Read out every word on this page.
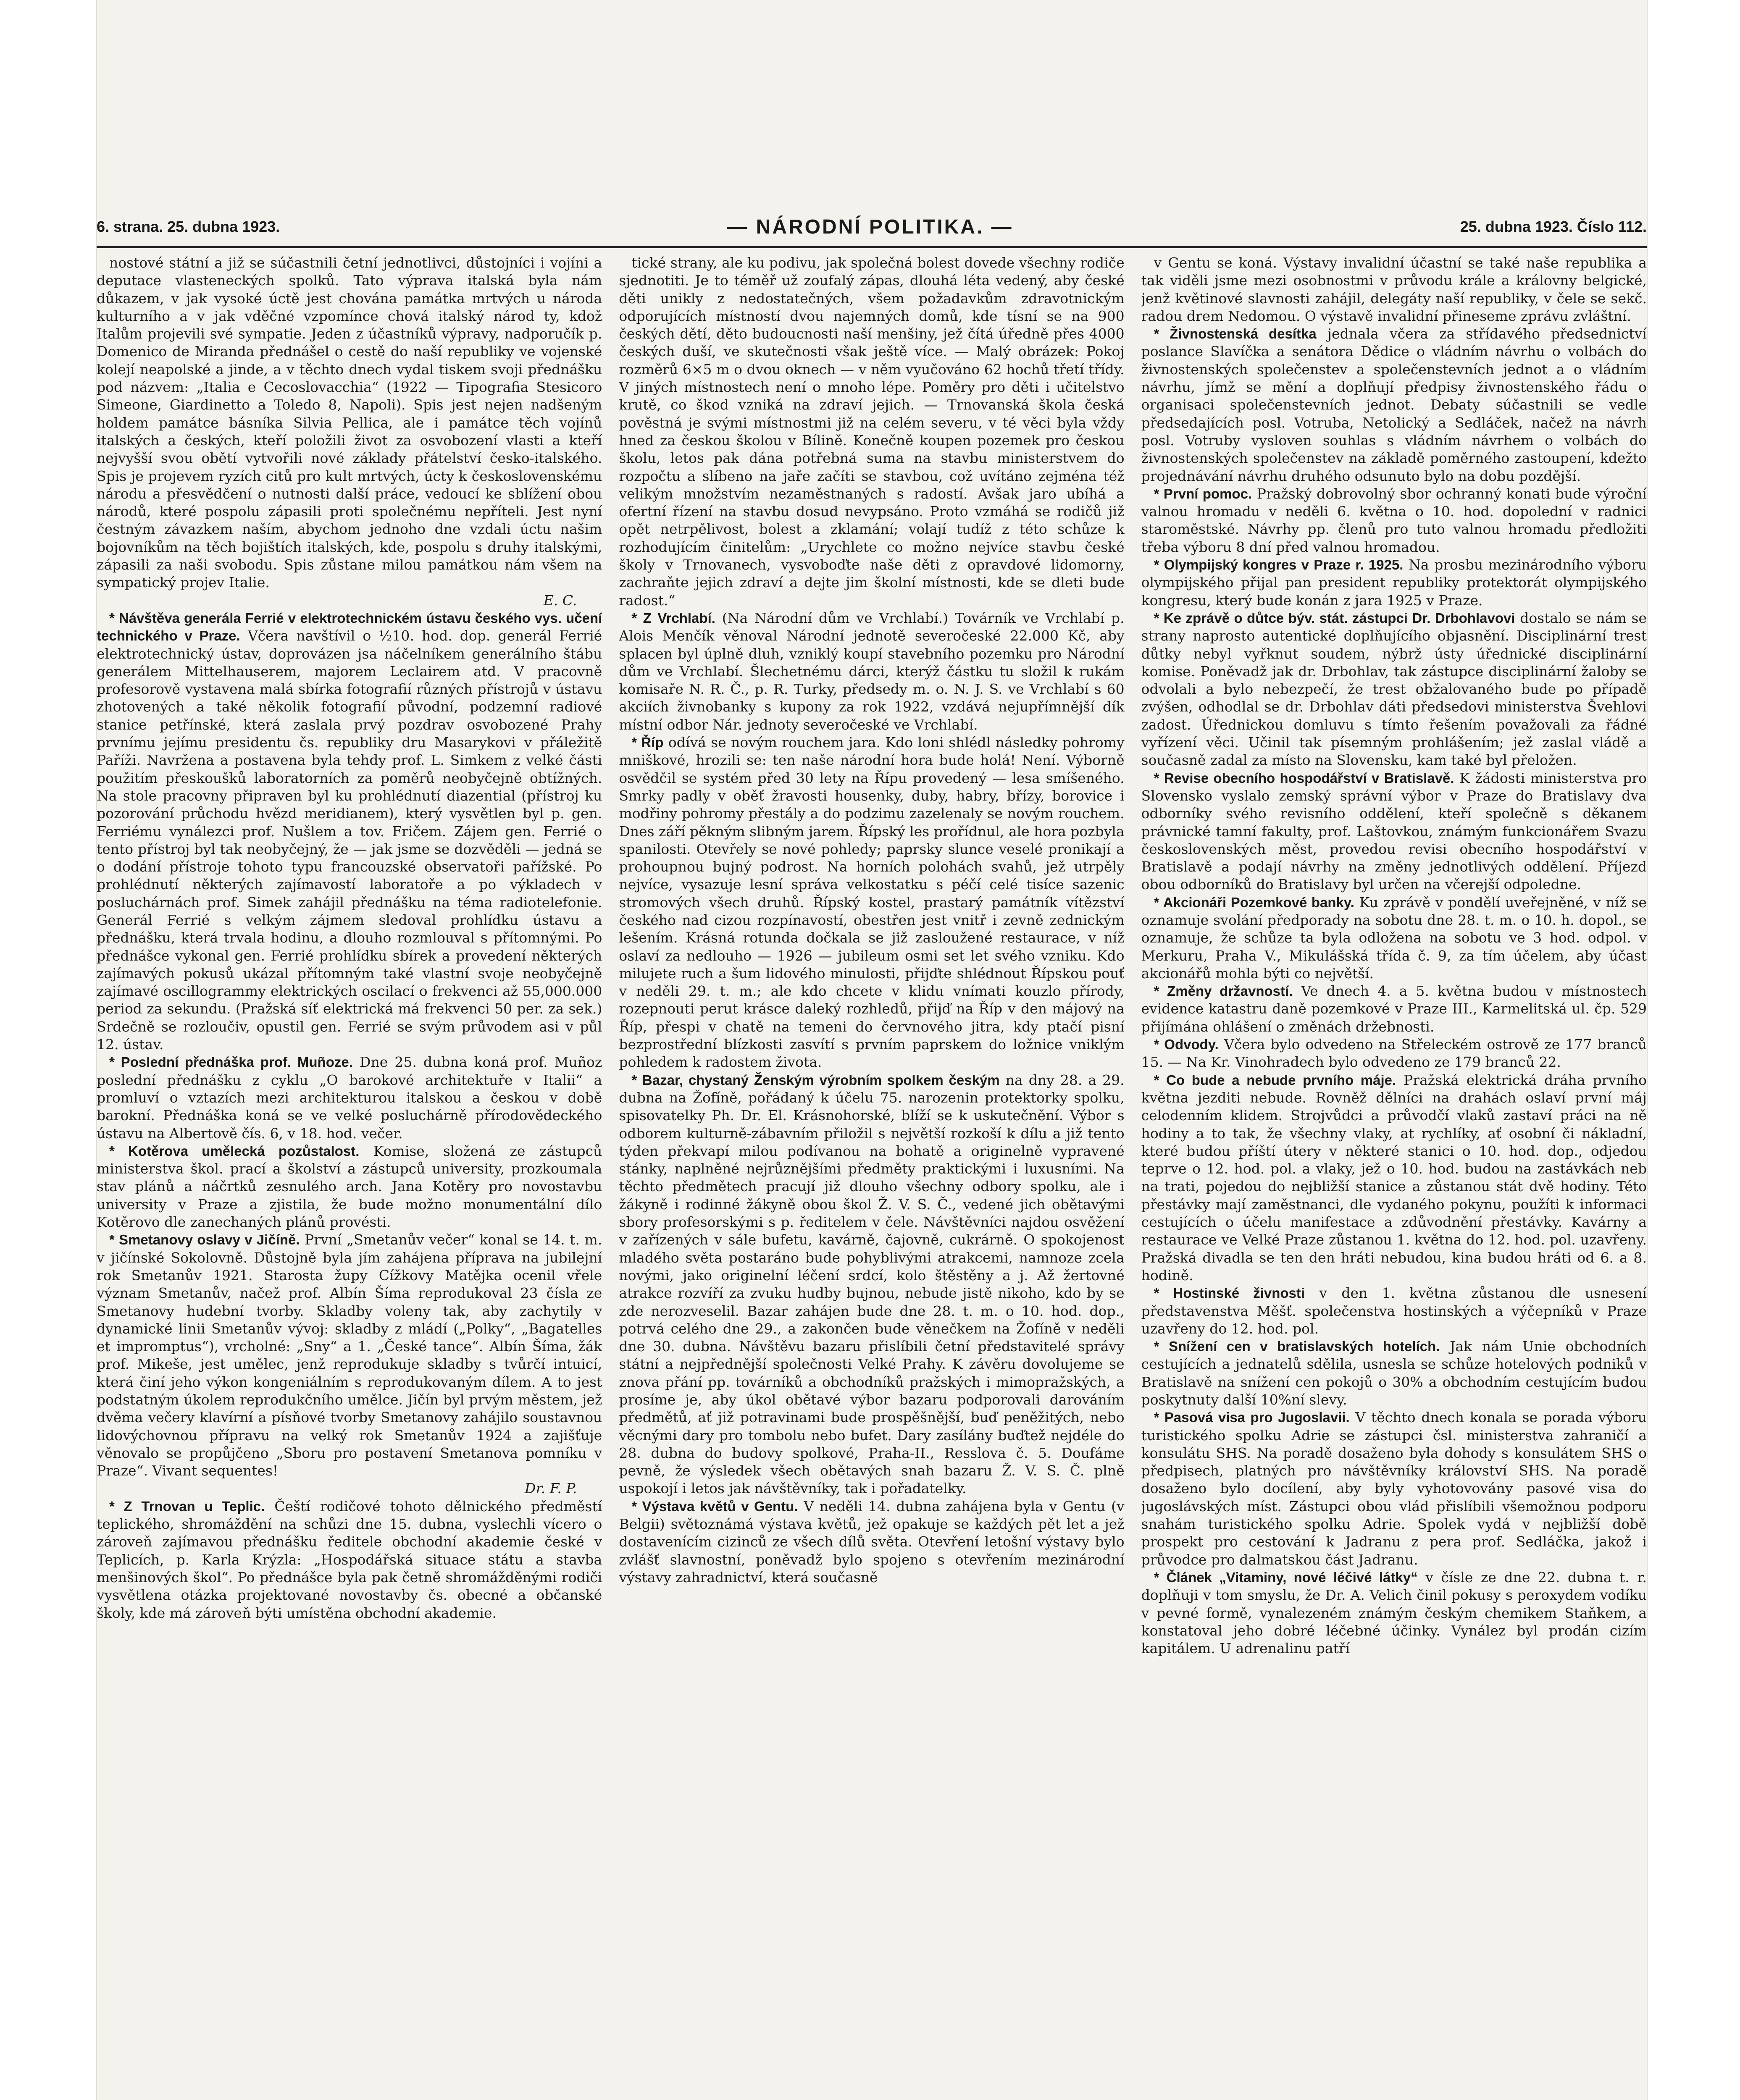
6. strana. 25. dubna 1923.	— NÁRODNÍ POLITIKA. —	25. dubna 1923. Číslo 112.
nostové státní a již se súčastnili četní jednotlivci, důstojníci i vojíni a deputace vlasteneckých spolků. Tato výprava italská byla nám důkazem, v jak vysoké úctě jest chována památka mrtvých u národa kulturního a v jak vděčné vzpomínce chová italský národ ty, kdož Italům projevili své sympatie. Jeden z účastníků výpravy, nadporučík p. Domenico de Miranda přednášel o cestě do naší republiky ve vojenské kolejí neapolské a jinde, a v těchto dnech vydal tiskem svoji přednášku pod názvem: „Italia e Cecoslovacchia“ (1922 — Tipografia Stesicoro Simeone, Giardinetto a Toledo 8, Napoli). Spis jest nejen nadšeným holdem památce básníka Silvia Pellica, ale i památce těch vojínů italských a českých, kteří položili život za osvobození vlasti a kteří nejvyšší svou obětí vytvořili nové základy přátelství česko-italského. Spis je projevem ryzích citů pro kult mrtvých, úcty k československému národu a přesvědčení o nutnosti další práce, vedoucí ke sblížení obou národů, které pospolu zápasili proti společnému nepříteli. Jest nyní čestným závazkem naším, abychom jednoho dne vzdali úctu našim bojovníkům na těch bojištích italských, kde, pospolu s druhy italskými, zápasili za naši svobodu. Spis zůstane milou památkou nám všem na sympatický projev Italie.
E. C.
* Návštěva generála Ferrié v elektrotechnickém ústavu českého vys. učení technického v Praze. Včera navštívil o ½10. hod. dop. generál Ferrié elektrotechnický ústav, doprovázen jsa náčelníkem generálního štábu generálem Mittelhauserem, majorem Leclairem atd. V pracovně profesorově vystavena malá sbírka fotografií různých přístrojů v ústavu zhotovených a také několik fotografií původní, podzemní radiové stanice petřínské, která zaslala prvý pozdrav osvobozené Prahy prvnímu jejímu presidentu čs. republiky dru Masarykovi v přáležitě Paříži. Navržena a postavena byla tehdy prof. L. Simkem z velké části použitím přeskoušků laboratorních za poměrů neobyčejně obtížných. Na stole pracovny připraven byl ku prohlédnutí diazential (přístroj ku pozorování průchodu hvězd meridianem), který vysvětlen byl p. gen. Ferriému vynálezci prof. Nušlem a tov. Fričem. Zájem gen. Ferrié o tento přístroj byl tak neobyčejný, že — jak jsme se dozvěděli — jedná se o dodání přístroje tohoto typu francouzské observatoři pařížské. Po prohlédnutí některých zajímavostí laboratoře a po výkladech v posluchárnách prof. Simek zahájil přednášku na téma radiotelefonie. Generál Ferrié s velkým zájmem sledoval prohlídku ústavu a přednášku, která trvala hodinu, a dlouho rozmlouval s přítomnými. Po přednášce vykonal gen. Ferrié prohlídku sbírek a provedení některých zajímavých pokusů ukázal přítomným také vlastní svoje neobyčejně zajímavé oscillogrammy elektrických oscilací o frekvenci až 55,000.000 period za sekundu. (Pražská síť elektrická má frekvenci 50 per. za sek.) Srdečně se rozloučiv, opustil gen. Ferrié se svým průvodem asi v půl 12. ústav.
* Poslední přednáška prof. Muñoze. Dne 25. dubna koná prof. Muñoz poslední přednášku z cyklu „O barokové architektuře v Italii“ a promluví o vztazích mezi architekturou italskou a českou v době barokní. Přednáška koná se ve velké posluchárně přírodovědeckého ústavu na Albertově čís. 6, v 18. hod. večer.
* Kotěrova umělecká pozůstalost. Komise, složená ze zástupců ministerstva škol. prací a školství a zástupců university, prozkoumala stav plánů a náčrtků zesnulého arch. Jana Kotěry pro novostavbu university v Praze a zjistila, že bude možno monumentální dílo Kotěrovo dle zanechaných plánů provésti.
* Smetanovy oslavy v Jičíně. První „Smetanův večer“ konal se 14. t. m. v jičínské Sokolovně. Důstojně byla jím zahájena příprava na jubilejní rok Smetanův 1921. Starosta župy Cížkovy Matějka ocenil vřele význam Smetanův, načež prof. Albín Šíma reprodukoval 23 čísla ze Smetanovy hudební tvorby. Skladby voleny tak, aby zachytily v dynamické linii Smetanův vývoj: skladby z mládí („Polky“, „Bagatelles et impromptus“), vrcholné: „Sny“ a 1. „České tance“. Albín Šíma, žák prof. Mikeše, jest umělec, jenž reprodukuje skladby s tvůrčí intuicí, která činí jeho výkon kongeniálním s reprodukovaným dílem. A to jest podstatným úkolem reprodukčního umělce. Jičín byl prvým městem, jež dvěma večery klavírní a písňové tvorby Smetanovy zahájilo soustavnou lidovýchovnou přípravu na velký rok Smetanův 1924 a zajišťuje věnovalo se propůjčeno „Sboru pro postavení Smetanova pomníku v Praze“. Vivant sequentes!
Dr. F. P.
* Z Trnovan u Teplic. Čeští rodičové tohoto dělnického předměstí teplického, shromáždění na schůzi dne 15. dubna, vyslechli vícero o zároveň zajímavou přednášku ředitele obchodní akademie české v Teplicích, p. Karla Krýzla: „Hospodářská situace státu a stavba menšinových škol“. Po přednášce byla pak četně shromážděnými rodiči vysvětlena otázka projektované novostavby čs. obecné a občanské školy, kde má zároveň býti umístěna obchodní akademie.
tické strany, ale ku podivu, jak společná bolest dovede všechny rodiče sjednotiti. Je to téměř už zoufalý zápas, dlouhá léta vedený, aby české děti unikly z nedostatečných, všem požadavkům zdravotnickým odporujících místností dvou najemných domů, kde tísní se na 900 českých dětí, děto budoucnosti naší menšiny, jež čítá úředně přes 4000 českých duší, ve skutečnosti však ještě více. — Malý obrázek: Pokoj rozměrů 6×5 m o dvou oknech — v něm vyučováno 62 hochů třetí třídy. V jiných místnostech není o mnoho lépe. Poměry pro děti i učitelstvo krutě, co škod vzniká na zdraví jejich. — Trnovanská škola česká pověstná je svými místnostmi již na celém severu, v té věci byla vždy hned za českou školou v Bílině. Konečně koupen pozemek pro českou školu, letos pak dána potřebná suma na stavbu ministerstvem do rozpočtu a slíbeno na jaře začíti se stavbou, což uvítáno zejména též velikým množstvím nezaměstnaných s radostí. Avšak jaro ubíhá a ofertní řízení na stavbu dosud nevypsáno. Proto vzmáhá se rodičů již opět netrpělivost, bolest a zklamání; volají tudíž z této schůze k rozhodujícím činitelům: „Urychlete co možno nejvíce stavbu české školy v Trnovanech, vysvoboďte naše děti z opravdové lidomorny, zachraňte jejich zdraví a dejte jim školní místnosti, kde se dleti bude radost.“
* Z Vrchlabí. (Na Národní dům ve Vrchlabí.) Továrník ve Vrchlabí p. Alois Menčík věnoval Národní jednotě severočeské 22.000 Kč, aby splacen byl úplně dluh, vzniklý koupí stavebního pozemku pro Národní dům ve Vrchlabí. Šlechetnému dárci, kterýž částku tu složil k rukám komisaře N. R. Č., p. R. Turky, předsedy m. o. N. J. S. ve Vrchlabí s 60 akciích živnobanky s kupony za rok 1922, vzdává nejupřímnější dík místní odbor Nár. jednoty severočeské ve Vrchlabí.
* Říp odívá se novým rouchem jara. Kdo loni shlédl následky pohromy mniškové, hrozili se: ten naše národní hora bude holá! Není. Výborně osvědčil se systém před 30 lety na Řípu provedený — lesa smíšeného. Smrky padly v oběť žravosti housenky, duby, habry, břízy, borovice i modřiny pohromy přestály a do podzimu zazelenaly se novým rouchem. Dnes září pěkným slibným jarem. Řípský les prořídnul, ale hora pozbyla spanilosti. Otevřely se nové pohledy; paprsky slunce veselé pronikají a prohoupnou bujný podrost. Na horních polohách svahů, jež utrpěly nejvíce, vysazuje lesní správa velkostatku s péčí celé tisíce sazenic stromových všech druhů. Řípský kostel, prastarý památník vítězství českého nad cizou rozpínavostí, obestřen jest vnitř i zevně zednickým lešením. Krásná rotunda dočkala se již zasloužené restaurace, v níž oslaví za nedlouho — 1926 — jubileum osmi set let svého vzniku. Kdo milujete ruch a šum lidového minulosti, přijďte shlédnout Řípskou pouť v neděli 29. t. m.; ale kdo chcete v klidu vnímati kouzlo přírody, rozepnouti perut krásce daleký rozhledů, přijď na Říp v den májový na Říp, přespi v chatě na temeni do červnového jitra, kdy ptačí pisní bezprostřední blízkosti zasvítí s prvním paprskem do ložnice vniklým pohledem k radostem života.
* Bazar, chystaný Ženským výrobním spolkem českým na dny 28. a 29. dubna na Žofíně, pořádaný k účelu 75. narozenin protektorky spolku, spisovatelky Ph. Dr. El. Krásnohorské, blíží se k uskutečnění. Výbor s odborem kulturně-zábavním přiložil s největší rozkoší k dílu a již tento týden překvapí milou podívanou na bohatě a originelně vypravené stánky, naplněné nejrůznějšími předměty praktickými i luxusními. Na těchto předmětech pracují již dlouho všechny odbory spolku, ale i žákyně i rodinné žákyně obou škol Ž. V. S. Č., vedené jich obětavými sbory profesorskými s p. ředitelem v čele. Návštěvníci najdou osvěžení v zařízených v sále bufetu, kavárně, čajovně, cukrárně. O spokojenost mladého světa postaráno bude pohyblivými atrakcemi, namnoze zcela novými, jako originelní léčení srdcí, kolo štěstěny a j. Až žertovné atrakce rozvíří za zvuku hudby bujnou, nebude jistě nikoho, kdo by se zde nerozveselil. Bazar zahájen bude dne 28. t. m. o 10. hod. dop., potrvá celého dne 29., a zakončen bude věnečkem na Žofíně v neděli dne 30. dubna. Návštěvu bazaru přislíbili četní představitelé správy státní a nejpřednější společnosti Velké Prahy. K závěru dovolujeme se znova přání pp. továrníků a obchodníků pražských i mimopražských, a prosíme je, aby úkol obětavé výbor bazaru podporovali darováním předmětů, ať již potravinami bude prospěšnější, buď peněžitých, nebo věcnými dary pro tombolu nebo bufet. Dary zasílány buďtež nejdéle do 28. dubna do budovy spolkové, Praha-II., Resslova č. 5. Doufáme pevně, že výsledek všech obětavých snah bazaru Ž. V. S. Č. plně uspokojí i letos jak návštěvníky, tak i pořadatelky.
* Výstava květů v Gentu. V neděli 14. dubna zahájena byla v Gentu (v Belgii) světoznámá výstava květů, jež opakuje se každých pět let a jež dostavenícím cizinců ze všech dílů světa. Otevření letošní výstavy bylo zvlášť slavnostní, poněvadž bylo spojeno s otevřením mezinárodní výstavy zahradnictví, která současně
v Gentu se koná. Výstavy invalidní účastní se také naše republika a tak viděli jsme mezi osobnostmi v průvodu krále a královny belgické, jenž květinové slavnosti zahájil, delegáty naší republiky, v čele se sekč. radou drem Nedomou. O výstavě invalidní přineseme zprávu zvláštní.
* Živnostenská desítka jednala včera za střídavého předsednictví poslance Slavíčka a senátora Dědice o vládním návrhu o volbách do živnostenských společenstev a společenstevních jednot a o vládním návrhu, jímž se mění a doplňují předpisy živnostenského řádu o organisaci společenstevních jednot. Debaty súčastnili se vedle předsedajících posl. Votruba, Netolický a Sedláček, načež na návrh posl. Votruby vysloven souhlas s vládním návrhem o volbách do živnostenských společenstev na základě poměrného zastoupení, kdežto projednávání návrhu druhého odsunuto bylo na dobu pozdější.
* První pomoc. Pražský dobrovolný sbor ochranný konati bude výroční valnou hromadu v neděli 6. května o 10. hod. dopolední v radnici staroměstské. Návrhy pp. členů pro tuto valnou hromadu předložiti třeba výboru 8 dní před valnou hromadou.
* Olympijský kongres v Praze r. 1925. Na prosbu mezinárodního výboru olympijského přijal pan president republiky protektorát olympijského kongresu, který bude konán z jara 1925 v Praze.
* Ke zprávě o důtce býv. stát. zástupci Dr. Drbohlavovi dostalo se nám se strany naprosto autentické doplňujícího objasnění. Disciplinární trest důtky nebyl vyřknut soudem, nýbrž ústy úřednické disciplinární komise. Poněvadž jak dr. Drbohlav, tak zástupce disciplinární žaloby se odvolali a bylo nebezpečí, že trest obžalovaného bude po případě zvýšen, odhodlal se dr. Drbohlav dáti předsedovi ministerstva Švehlovi zadost. Úřednickou domluvu s tímto řešením považovali za řádné vyřízení věci. Učinil tak písemným prohlášením; jež zaslal vládě a současně zadal za místo na Slovensku, kam také byl přeložen.
* Revise obecního hospodářství v Bratislavě. K žádosti ministerstva pro Slovensko vyslalo zemský správní výbor v Praze do Bratislavy dva odborníky svého revisního oddělení, kteří společně s děkanem právnické tamní fakulty, prof. Laštovkou, známým funkcionářem Svazu československých měst, provedou revisi obecního hospodářství v Bratislavě a podají návrhy na změny jednotlivých oddělení. Příjezd obou odborníků do Bratislavy byl určen na včerejší odpoledne.
* Akcionáři Pozemkové banky. Ku zprávě v pondělí uveřejněné, v níž se oznamuje svolání předporady na sobotu dne 28. t. m. o 10. h. dopol., se oznamuje, že schůze ta byla odložena na sobotu ve 3 hod. odpol. v Merkuru, Praha V., Mikulášská třída č. 9, za tím účelem, aby účast akcionářů mohla býti co největší.
* Změny državností. Ve dnech 4. a 5. května budou v místnostech evidence katastru daně pozemkové v Praze III., Karmelitská ul. čp. 529 přijímána ohlášení o změnách držebnosti.
* Odvody. Včera bylo odvedeno na Střeleckém ostrově ze 177 branců 15. — Na Kr. Vinohradech bylo odvedeno ze 179 branců 22.
* Co bude a nebude prvního máje. Pražská elektrická dráha prvního května jezditi nebude. Rovněž dělníci na drahách oslaví první máj celodenním klidem. Strojvůdci a průvodčí vlaků zastaví práci na ně hodiny a to tak, že všechny vlaky, at rychlíky, ať osobní či nákladní, které budou příští útery v některé stanici o 10. hod. dop., odjedou teprve o 12. hod. pol. a vlaky, jež o 10. hod. budou na zastávkách neb na trati, pojedou do nejbližší stanice a zůstanou stát dvě hodiny. Této přestávky mají zaměstnanci, dle vydaného pokynu, použíti k informaci cestujících o účelu manifestace a zdůvodnění přestávky. Kavárny a restaurace ve Velké Praze zůstanou 1. května do 12. hod. pol. uzavřeny. Pražská divadla se ten den hráti nebudou, kina budou hráti od 6. a 8. hodině.
* Hostinské živnosti v den 1. května zůstanou dle usnesení představenstva Měšť. společenstva hostinských a výčepníků v Praze uzavřeny do 12. hod. pol.
* Snížení cen v bratislavských hotelích. Jak nám Unie obchodních cestujících a jednatelů sdělila, usnesla se schůze hotelových podniků v Bratislavě na snížení cen pokojů o 30% a obchodním cestujícím budou poskytnuty další 10%ní slevy.
* Pasová visa pro Jugoslavii. V těchto dnech konala se porada výboru turistického spolku Adrie se zástupci čsl. ministerstva zahraničí a konsulátu SHS. Na poradě dosaženo byla dohody s konsulátem SHS o předpisech, platných pro návštěvníky království SHS. Na poradě dosaženo bylo docílení, aby byly vyhotovovány pasové visa do jugoslávských míst. Zástupci obou vlád přislíbili všemožnou podporu snahám turistického spolku Adrie. Spolek vydá v nejbližší době prospekt pro cestování k Jadranu z pera prof. Sedláčka, jakož i průvodce pro dalmatskou část Jadranu.
* Článek „Vitaminy, nové léčivé látky“ v čísle ze dne 22. dubna t. r. doplňuji v tom smyslu, že Dr. A. Velich činil pokusy s peroxydem vodíku v pevné formě, vynalezeném známým českým chemikem Staňkem, a konstatoval jeho dobré léčebné účinky. Vynález byl prodán cizím kapitálem. U adrenalinu patří
